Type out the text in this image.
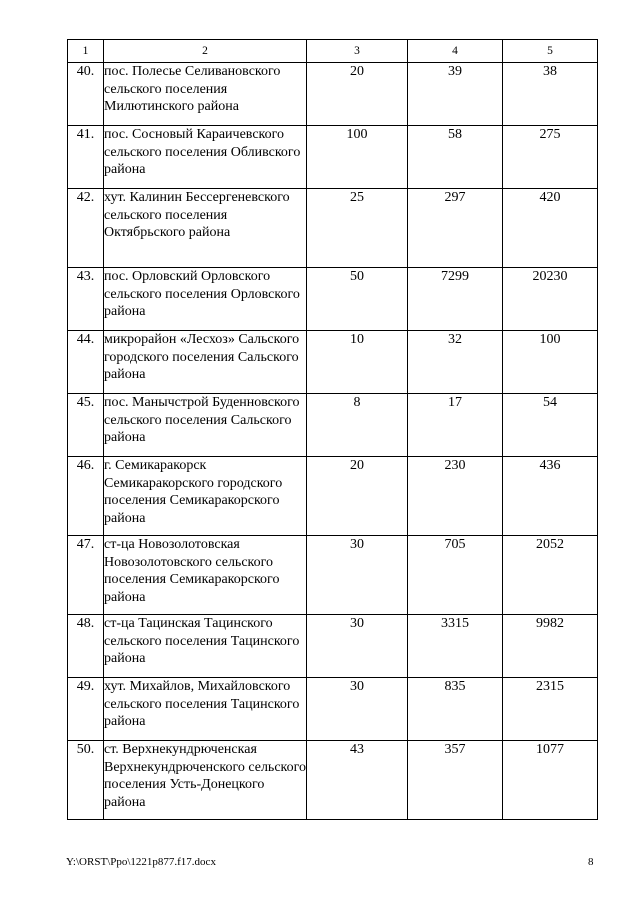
1	2	3	4	5
40.	пос. Полесье Селивановского сельского поселения Милютинского района	20	39	38
41.	пос. Сосновый Караичевского сельского поселения Обливского района	100	58	275
42.	хут. Калинин Бессергеневского сельского поселения Октябрьского района	25	297	420
43.	пос. Орловский Орловского сельского поселения Орловского района	50	7299	20230
44.	микрорайон «Лесхоз» Сальского городского поселения Сальского района	10	32	100
45.	пос. Манычстрой Буденновского сельского поселения Сальского района	8	17	54
46.	г. Семикаракорск Семикаракорского городского поселения Семикаракорского района	20	230	436
47.	ст-ца Новозолотовская Новозолотовского сельского поселения Семикаракорского района	30	705	2052
48.	ст-ца Тацинская Тацинского сельского поселения Тацинского района	30	3315	9982
49.	хут. Михайлов, Михайловского сельского поселения Тацинского района	30	835	2315
50.	ст. Верхнекундрюченская Верхнекундрюченского сельского поселения Усть-Донецкого района	43	357	1077
Y:\ORST\Ppo\1221p877.f17.docx	8
